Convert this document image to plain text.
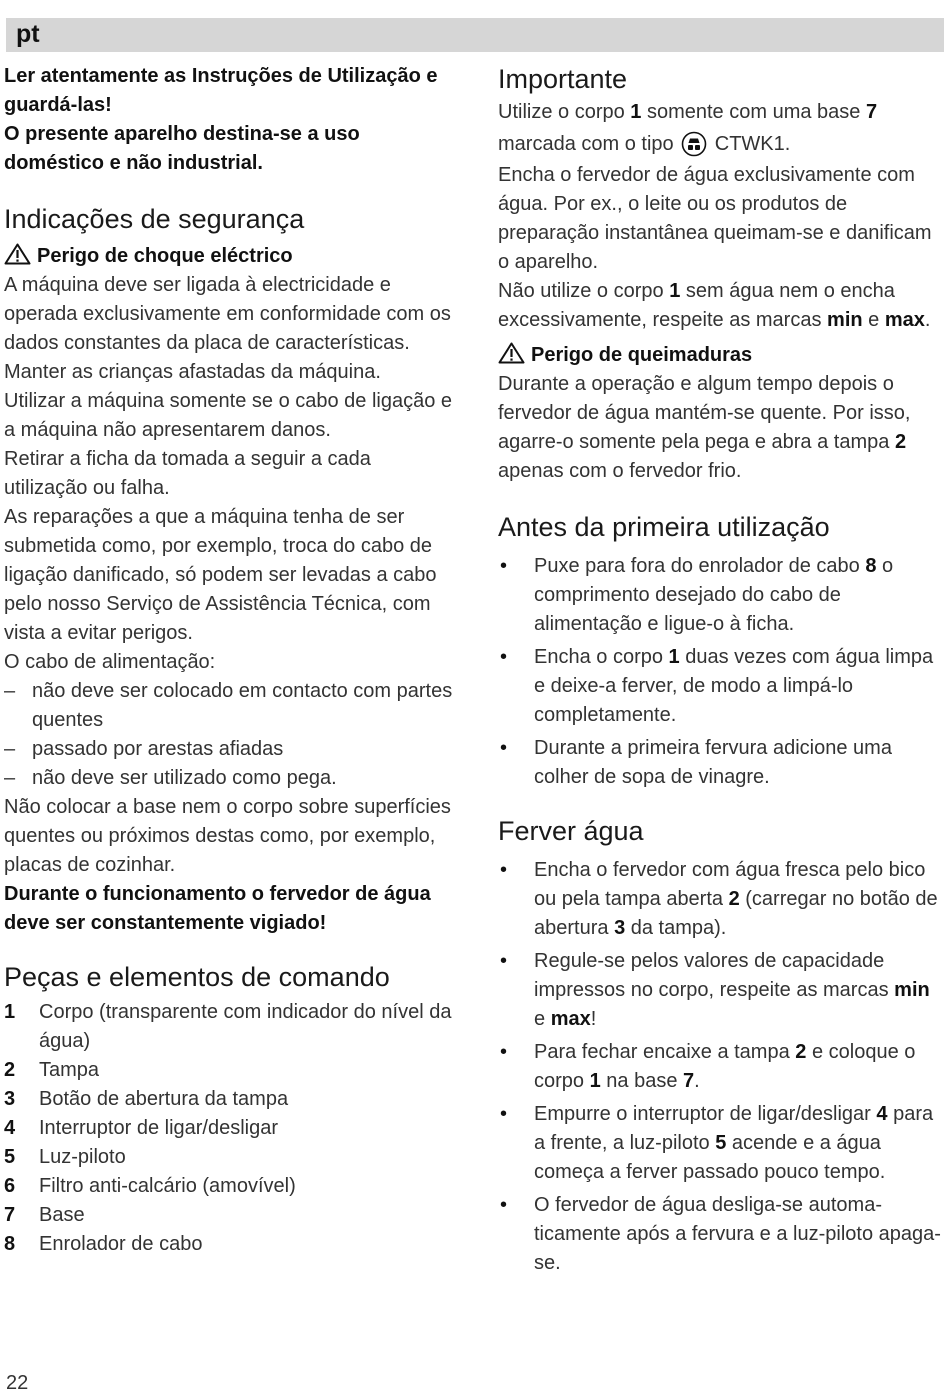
pt

Ler atentamente as Instruções de Utilização e guardá-las!

O presente aparelho destina-se a uso doméstico e não industrial.

Indicações de segurança
Perigo de choque eléctrico

A máquina deve ser ligada à electricidade e operada exclusivamente em conformidade com os dados constantes da placa de características.

Manter as crianças afastadas da máquina.

Utilizar a máquina somente se o cabo de ligação e a máquina não apresentarem danos.

Retirar a ficha da tomada a seguir a cada utilização ou falha.

As reparações a que a máquina tenha de ser submetida como, por exemplo, troca do cabo de ligação danificado, só podem ser levadas a cabo pelo nosso Serviço de Assistência Técnica, com vista a evitar perigos.

O cabo de alimentação:

– não deve ser colocado em contacto com partes quentes
– passado por arestas afiadas
– não deve ser utilizado como pega.

Não colocar a base nem o corpo sobre superfícies quentes ou próximos destas como, por exemplo, placas de cozinhar.

Durante o funcionamento o fervedor de água deve ser constantemente vigiado!

Peças e elementos de comando
1 Corpo (transparente com indicador do nível da água)
2 Tampa
3 Botão de abertura da tampa
4 Interruptor de ligar/desligar
5 Luz-piloto
6 Filtro anti-calcário (amovível)
7 Base
8 Enrolador de cabo
Importante

Utilize o corpo 1 somente com uma base 7

marcada com o tipo CTWK1.

Encha o fervedor de água exclusivamente com água. Por ex., o leite ou os produtos de preparação instantânea queimam-se e danificam o aparelho.

Não utilize o corpo 1 sem água nem o encha excessivamente, respeite as marcas min e max.

Perigo de queimaduras

Durante a operação e algum tempo depois o fervedor de água mantém-se quente. Por isso, agarre-o somente pela pega e abra a tampa 2 apenas com o fervedor frio.

Antes da primeira utilização
• Puxe para fora do enrolador de cabo 8 o comprimento desejado do cabo de alimentação e ligue-o à ficha.
• Encha o corpo 1 duas vezes com água limpa e deixe-a ferver, de modo a limpá-lo completamente.
• Durante a primeira fervura adicione uma colher de sopa de vinagre.
Ferver água
• Encha o fervedor com água fresca pelo bico ou pela tampa aberta 2 (carregar no botão de abertura 3 da tampa).
• Regule-se pelos valores de capacidade impressos no corpo, respeite as marcas min e max!
• Para fechar encaixe a tampa 2 e coloque o corpo 1 na base 7.
• Empurre o interruptor de ligar/desligar 4 para a frente, a luz-piloto 5 acende e a água começa a ferver passado pouco tempo.
• O fervedor de água desliga-se automa-ticamente após a fervura e a luz-piloto apaga-se.
22
